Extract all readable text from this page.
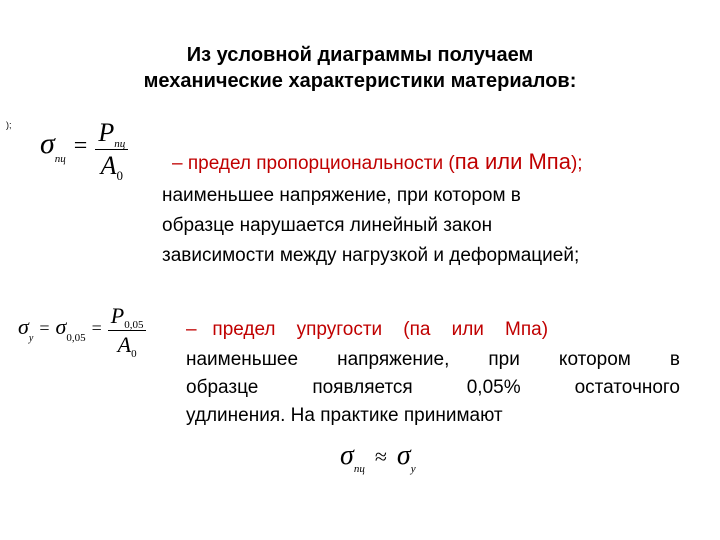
Из условной диаграммы получаем
механические характеристики материалов:
);
$\sigma_{пц} = \frac{P_{пц}}{A_0}$	– предел пропорциональности (па или Мпа);
наименьшее напряжение, при котором в
образце нарушается линейный закон
зависимости между нагрузкой и деформацией;
$\sigma_у = \sigma_{0,05} = \frac{P_{0,05}}{A_0}$ –   предел    упругости    (па    или    Мпа)
наименьшее напряжение, при котором в
образце появляется 0,05% остаточного
удлинения. На практике принимают
$\sigma_{пц} \approx \sigma_у$
